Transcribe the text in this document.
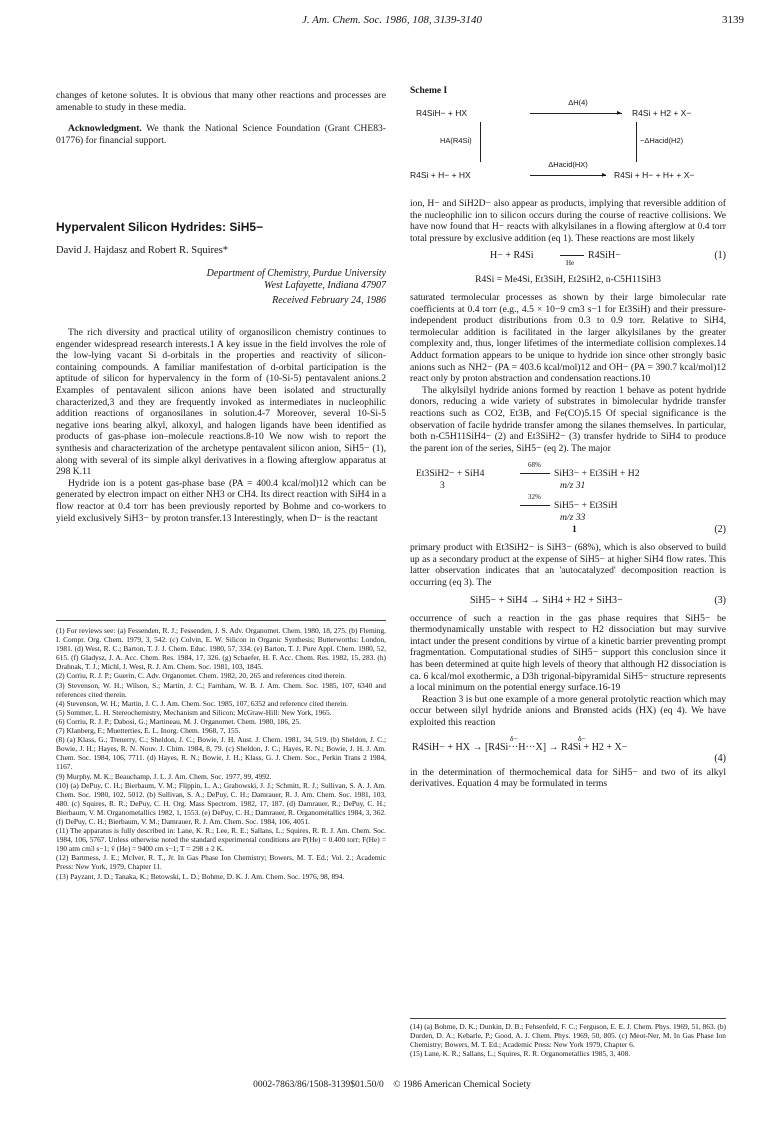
J. Am. Chem. Soc. 1986, 108, 3139-3140	3139

changes of ketone solutes. It is obvious that many other reactions and processes are amenable to study in these media.

Acknowledgment. We thank the National Science Foundation (Grant CHE83-01776) for financial support.

Hypervalent Silicon Hydrides: SiH5−
David J. Hajdasz and Robert R. Squires*
Department of Chemistry, Purdue University
West Lafayette, Indiana 47907
Received February 24, 1986

The rich diversity and practical utility of organosilicon chemistry continues to engender widespread research interests.1 A key issue in the field involves the role of the low-lying vacant Si d-orbitals in the properties and reactivity of silicon-containing compounds. A familiar manifestation of d-orbital participation is the aptitude of silicon for hypervalency in the form of (10-Si-5) pentavalent anions.2 Examples of pentavalent silicon anions have been isolated and structurally characterized,3 and they are frequently invoked as intermediates in nucleophilic addition reactions of organosilanes in solution.4-7 Moreover, several 10-Si-5 negative ions bearing alkyl, alkoxyl, and halogen ligands have been identified as products of gas-phase ion–molecule reactions.8-10 We now wish to report the synthesis and characterization of the archetype pentavalent silicon anion, SiH5− (1), along with several of its simple alkyl derivatives in a flowing afterglow apparatus at 298 K.11

Hydride ion is a potent gas-phase base (PA = 400.4 kcal/mol)12 which can be generated by electron impact on either NH3 or CH4. Its direct reaction with SiH4 in a flow reactor at 0.4 torr has been previously reported by Bohme and co-workers to yield exclusively SiH3− by proton transfer.13 Interestingly, when D− is the reactant

(1) For reviews see: (a) Fessenden, R. J.; Fessenden, J. S. Adv. Organomet. Chem. 1980, 18, 275. (b) Fleming, I. Compr. Org. Chem. 1979, 3, 542. (c) Colvin, E. W. Silicon in Organic Synthesis; Butterworths: London, 1981. (d) West, R. C.; Barton, T. J. J. Chem. Educ. 1980, 57, 334. (e) Barton, T. J. Pure Appl. Chem. 1980, 52, 615. (f) Gladysz, J. A. Acc. Chem. Res. 1984, 17, 326. (g) Schaefer, H. F. Acc. Chem. Res. 1982, 15, 283. (h) Drahnak, T. J.; Michl, J. West, R. J. Am. Chem. Soc. 1981, 103, 1845.

(2) Corriu, R. J. P.; Guerin, C. Adv. Organomet. Chem. 1982, 20, 265 and references cited therein.

(3) Stevenson, W. H.; Wilson, S.; Martin, J. C.; Farnham, W. B. J. Am. Chem. Soc. 1985, 107, 6340 and references cited therein.

(4) Stevenson, W. H.; Martin, J. C. J. Am. Chem. Soc. 1985, 107, 6352 and reference cited therein.

(5) Sommer, L. H. Stereochemistry, Mechanism and Silicon; McGraw-Hill: New York, 1965.

(6) Corriu, R. J. P.; Dabosi, G.; Martineau, M. J. Organomet. Chem. 1980, 186, 25.

(7) Klanberg, F.; Muetterties, E. L. Inorg. Chem. 1968, 7, 155.

(8) (a) Klass, G.; Trenerry, C.; Sheldon, J. C.; Bowie, J. H. Aust. J. Chem. 1981, 34, 519. (b) Sheldon, J. C.; Bowie, J. H.; Hayes, R. N. Nouv. J. Chim. 1984, 8, 79. (c) Sheldon, J. C.; Hayes, R. N.; Bowie, J. H. J. Am. Chem. Soc. 1984, 106, 7711. (d) Hayes, R. N.; Bowie, J. H.; Klass, G. J. Chem. Soc., Perkin Trans 2 1984, 1167.

(9) Murphy, M. K.; Beauchamp, J. L. J. Am. Chem. Soc. 1977, 99, 4992.

(10) (a) DePuy, C. H.; Bierbaum, V. M.; Flippin, L. A.; Grabowski, J. J.; Schmitt, R. J.; Sullivan, S. A. J. Am. Chem. Soc. 1980, 102, 5012. (b) Sullivan, S. A.; DePuy, C. H.; Damrauer, R. J. Am. Chem. Soc. 1981, 103, 480. (c) Squires, R. R.; DePuy, C. H. Org. Mass Spectrom. 1982, 17, 187. (d) Damrauer, R.; DePuy, C. H.; Bierbaum, V. M. Organometallics 1982, 1, 1553. (e) DePuy, C. H.; Damrauer, R. Organometallics 1984, 3, 362. (f) DePuy, C. H.; Bierbaum, V. M.; Damrauer, R. J. Am. Chem. Soc. 1984, 106, 4051.

(11) The apparatus is fully described in: Lane, K. R.; Lee, R. E.; Sallans, L.; Squires, R. R. J. Am. Chem. Soc. 1984, 106, 5767. Unless otherwise noted the standard experimental conditions are P(He) = 0.400 torr; F(He) = 190 atm cm3 s−1; v̄ (He) = 9400 cm s−1; T = 298 ± 2 K.

(12) Bartmess, J. E.; McIver, R. T., Jr. In Gas Phase Ion Chemistry; Bowers, M. T. Ed.; Vol. 2.; Academic Press: New York, 1979, Chapter 11.

(13) Payzant, J. D.; Tanaka, K.; Betowski, L. D.; Bohme, D. K. J. Am. Chem. Soc. 1976, 98, 894.

Scheme I
R4SiH− + HX
ΔH(4)
▸ R4Si + H2 + X−
HA(R4Si)	−ΔHacid(H2)
R4Si + H− + HX
ΔHacid(HX)
▸ R4Si + H− + H+ + X−

ion, H− and SiH2D− also appear as products, implying that reversible addition of the nucleophilic ion to silicon occurs during the course of reactive collisions. We have now found that H− reacts with alkylsilanes in a flowing afterglow at 0.4 torr total pressure by exclusive addition (eq 1). These reactions are most likely

H− + R4Si
He
R4SiH−	(1)
R4Si = Me4Si, Et3SiH, Et2SiH2, n-C5H11SiH3

saturated termolecular processes as shown by their large bimolecular rate coefficients at 0.4 torr (e.g., 4.5 × 10−9 cm3 s−1 for Et3SiH) and their pressure-independent product distributions from 0.3 to 0.9 torr. Relative to SiH4, termolecular addition is facilitated in the larger alkylsilanes by the greater complexity and, thus, longer lifetimes of the intermediate collision complexes.14 Adduct formation appears to be unique to hydride ion since other strongly basic anions such as NH2− (PA = 403.6 kcal/mol)12 and OH− (PA = 390.7 kcal/mol)12 react only by proton abstraction and condensation reactions.10

The alkylsilyl hydride anions formed by reaction 1 behave as potent hydride donors, reducing a wide variety of substrates in bimolecular hydride transfer reactions such as CO2, Et3B, and Fe(CO)5.15 Of special significance is the observation of facile hydride transfer among the silanes themselves. In particular, both n-C5H11SiH4− (2) and Et3SiH2− (3) transfer hydride to SiH4 to produce the parent ion of the series, SiH5− (eq 2). The major

Et3SiH2− + SiH4
3
68%
SiH3− + Et3SiH + H2
m/z 31
32%
SiH5− + Et3SiH
m/z 33
1	(2)

primary product with Et3SiH2− is SiH3− (68%), which is also observed to build up as a secondary product at the expense of SiH5− at higher SiH4 flow rates. This latter observation indicates that an 'autocatalyzed' decomposition reaction is occurring (eq 3). The

SiH5− + SiH4 → SiH4 + H2 + SiH3−	(3)

occurrence of such a reaction in the gas phase requires that SiH5− be thermodynamically unstable with respect to H2 dissociation but may survive intact under the present conditions by virtue of a kinetic barrier preventing prompt fragmentation. Computational studies of SiH5− support this conclusion since it has been determined at quite high levels of theory that although H2 dissociation is ca. 6 kcal/mol exothermic, a D3h trigonal-bipyramidal SiH5− structure represents a local minimum on the potential energy surface.16-19

Reaction 3 is but one example of a more general protolytic reaction which may occur between silyl hydride anions and Brønsted acids (HX) (eq 4). We have exploited this reaction

δ−	δ−
R4SiH− + HX → [R4Si···H···X] → R4Si + H2 + X−
(4)

in the determination of thermochemical data for SiH5− and two of its alkyl derivatives. Equation 4 may be formulated in terms

(14) (a) Bohme, D. K.; Dunkin, D. B.; Fehsenfeld, F. C.; Ferguson, E. E. J. Chem. Phys. 1969, 51, 863. (b) Durden, D. A.; Kebarle, P.; Good, A. J. Chem. Phys. 1969, 50, 805. (c) Meot-Ner, M. In Gas Phase Ion Chemistry; Bowers, M. T. Ed.; Academic Press: New York 1979, Chapter 6.

(15) Lane, K. R.; Sallans, L.; Squires, R. R. Organometallics 1985, 3, 408.

0002-7863/86/1508-3139$01.50/0 © 1986 American Chemical Society
